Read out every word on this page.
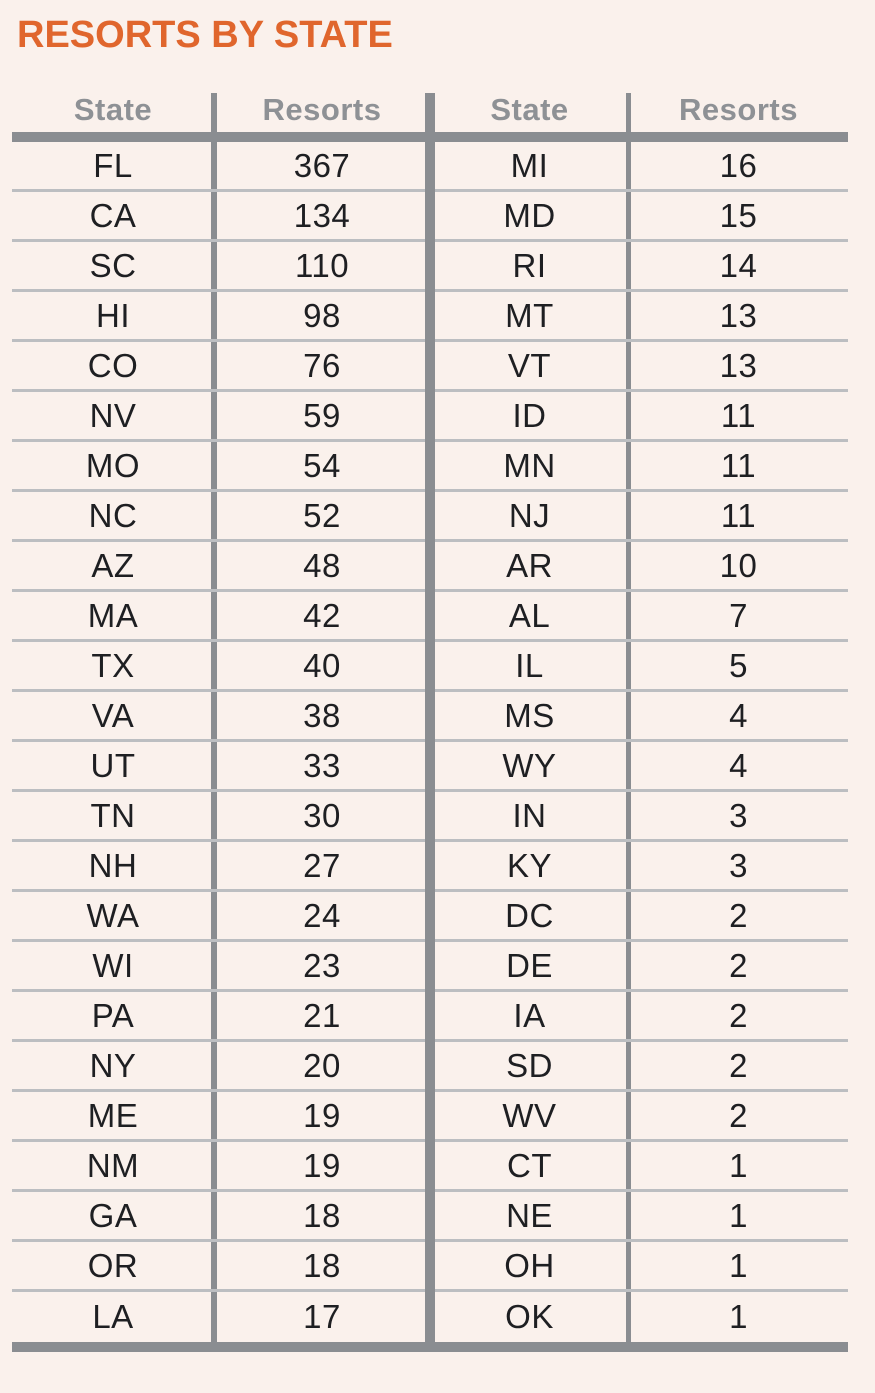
RESORTS BY STATE
State	Resorts	State	Resorts
FL	367	MI	16
CA	134	MD	15
SC	110	RI	14
HI	98	MT	13
CO	76	VT	13
NV	59	ID	11
MO	54	MN	11
NC	52	NJ	11
AZ	48	AR	10
MA	42	AL	7
TX	40	IL	5
VA	38	MS	4
UT	33	WY	4
TN	30	IN	3
NH	27	KY	3
WA	24	DC	2
WI	23	DE	2
PA	21	IA	2
NY	20	SD	2
ME	19	WV	2
NM	19	CT	1
GA	18	NE	1
OR	18	OH	1
LA	17	OK	1
